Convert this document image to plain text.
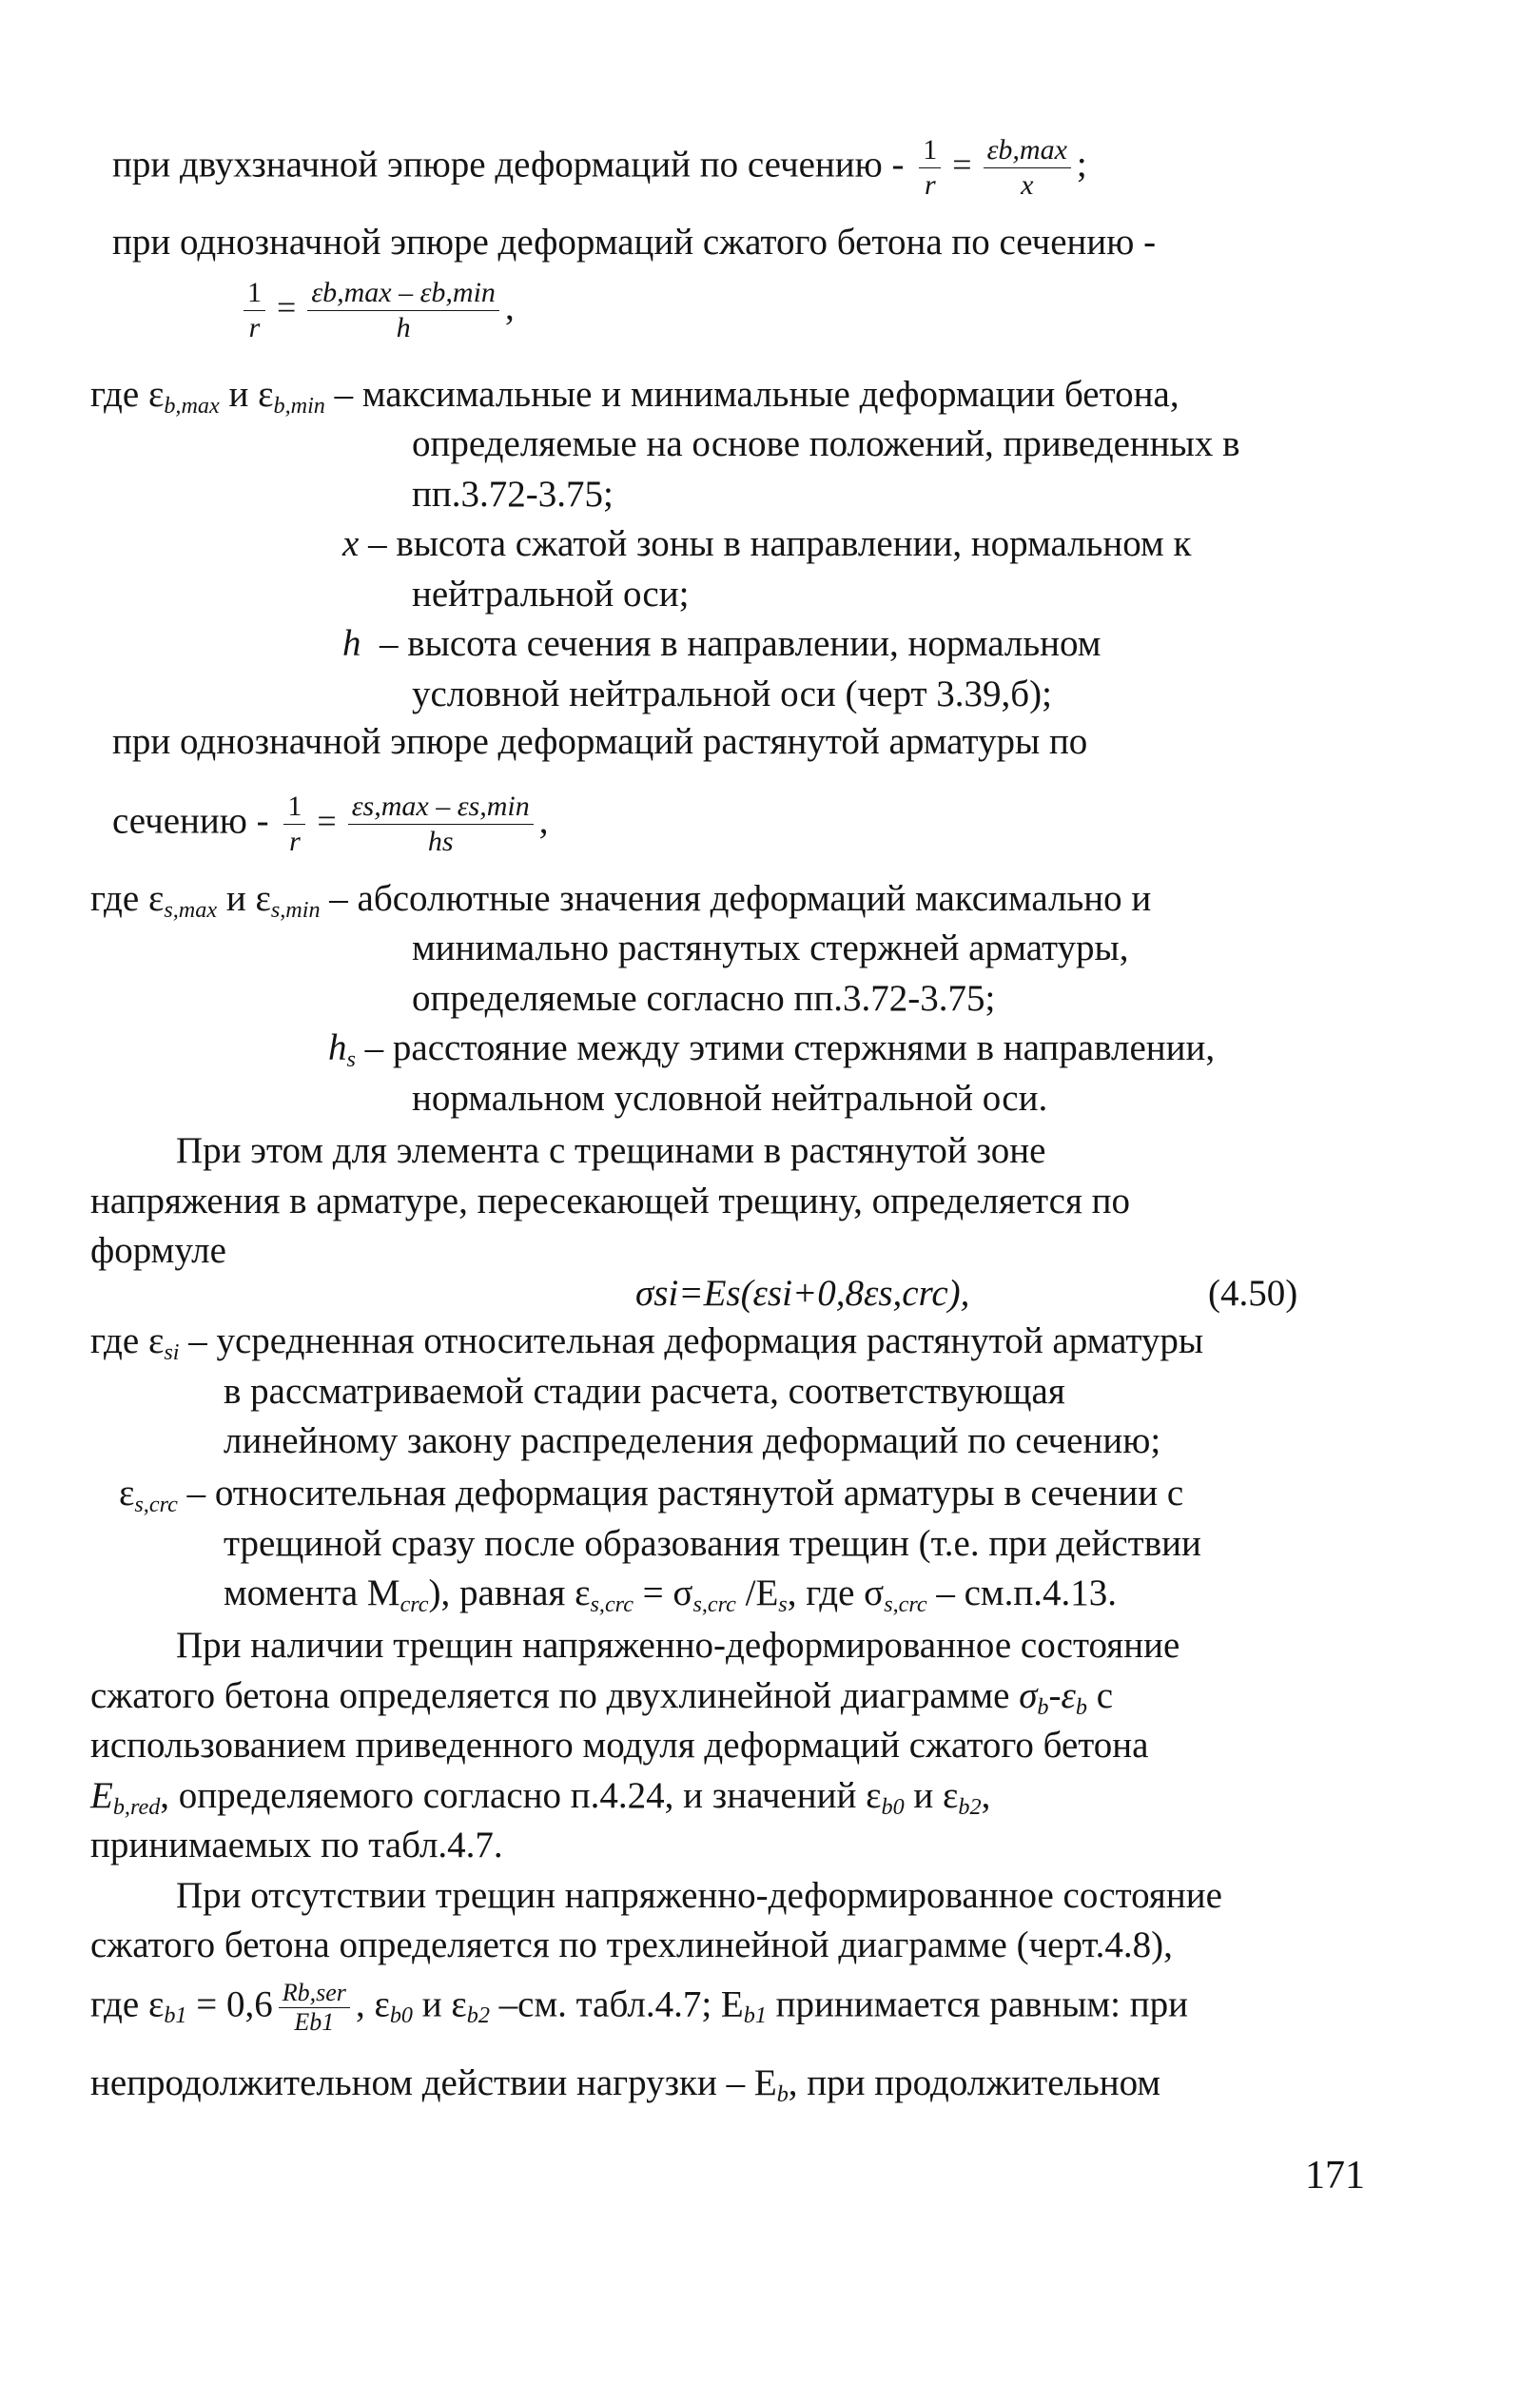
при двухзначной эпюре деформаций по сечению - $\frac{1}{r} = \frac{\varepsilon b,\max}{x}$ ;
при однозначной эпюре деформаций сжатого бетона по сечению -
$\frac{1}{r} = \frac{\varepsilon b,\max - \varepsilon b,\min}{h}$ ,
где $\varepsilon_{b,max}$ и $\varepsilon_{b,min}$ – максимальные и минимальные деформации бетона,
определяемые на основе положений, приведенных в
пп.3.72-3.75;
x – высота сжатой зоны в направлении, нормальном к
нейтральной оси;
h – высота сечения в направлении, нормальном
условной нейтральной оси (черт 3.39,б);
при однозначной эпюре деформаций растянутой арматуры по
сечению - $\frac{1}{r} = \frac{\varepsilon s,\max - \varepsilon s,\min}{hs}$ ,
где $\varepsilon_{s,max}$ и $\varepsilon_{s,min}$ – абсолютные значения деформаций максимально и
минимально растянутых стержней арматуры,
определяемые согласно пп.3.72-3.75;
$h_s$ – расстояние между этими стержнями в направлении,
нормальном условной нейтральной оси.
При этом для элемента с трещинами в растянутой зоне
напряжения в арматуре, пересекающей трещину, определяется по
формуле
σsi=Es(εsi+0,8εs,crc),	(4.50)
где $\varepsilon_{si}$ – усредненная относительная деформация растянутой арматуры
в рассматриваемой стадии расчета, соответствующая
линейному закону распределения деформаций по сечению;
$\varepsilon_{s,crc}$ – относительная деформация растянутой арматуры в сечении с
трещиной сразу после образования трещин (т.е. при действии
момента $M_{crc}$), равная $\varepsilon_{s,crc} = \sigma_{s,crc}$ $/E_s$, где $\sigma_{s,crc} - см.п.4.13$.
При наличии трещин напряженно-деформированное состояние
сжатого бетона определяется по двухлинейной диаграмме $\sigma_b-\varepsilon_b$ с
использованием приведенного модуля деформаций сжатого бетона
$E_{b,red}$, определяемого согласно п.4.24, и значений $\varepsilon_{b0}$ и $\varepsilon_{b2}$,
принимаемых по табл.4.7.
При отсутствии трещин напряженно-деформированное состояние
сжатого бетона определяется по трехлинейной диаграмме (черт.4.8),
где $\varepsilon_{b1} = 0,6 \frac{\text{Rb,ser}}{Eb1}$ , $\varepsilon_{b0}$ и $\varepsilon_{b2}$ –см. табл.4.7; $E_{b1}$ принимается равным: при
непродолжительном действии нагрузки – $E_b$, при продолжительном
171
